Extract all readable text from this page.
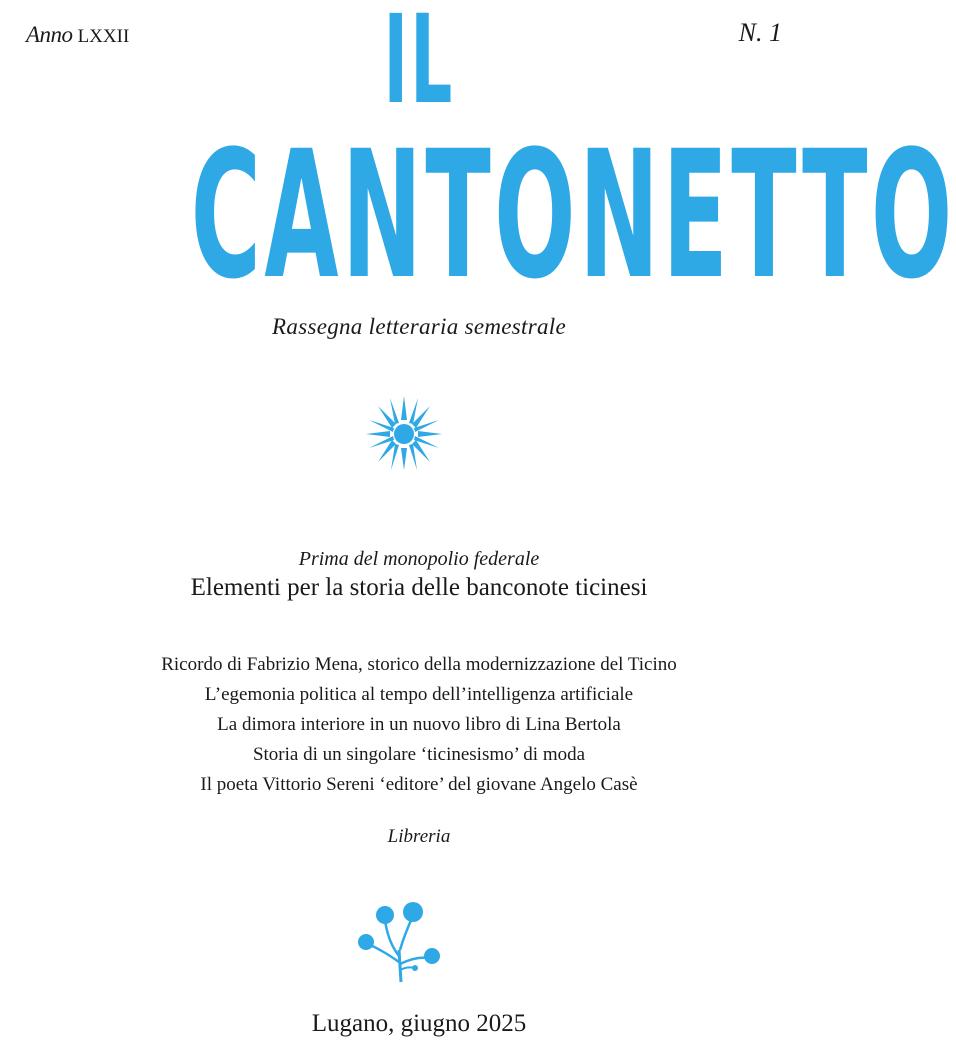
Anno LXXII	N. 1
IL
CANTONETTO
Rassegna letteraria semestrale
Prima del monopolio federale
Elementi per la storia delle banconote ticinesi
Ricordo di Fabrizio Mena, storico della modernizzazione del Ticino
L’egemonia politica al tempo dell’intelligenza artificiale
La dimora interiore in un nuovo libro di Lina Bertola
Storia di un singolare ‘ticinesismo’ di moda
Il poeta Vittorio Sereni ‘editore’ del giovane Angelo Casè
Libreria
Lugano, giugno 2025
